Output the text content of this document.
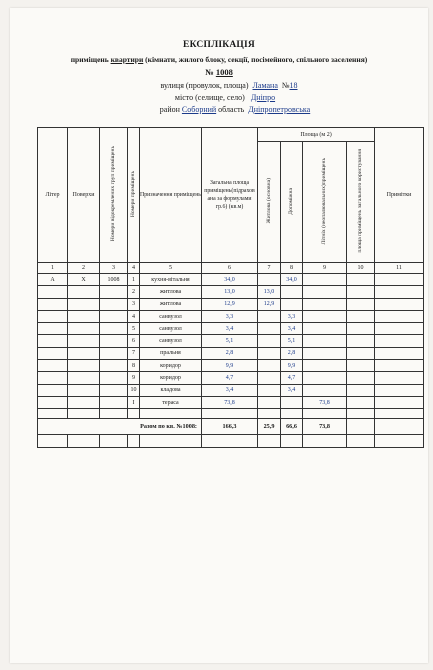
ЕКСПЛІКАЦІЯ
приміщень квартири (кімнати, жилого блоку, секції, посімейного, спільного заселення)
№ 1008
вулиця (провулок, площа) Ламана №18
місто (селище, село) Дніпро
район Соборний область Дніпропетровська
Літер	Поверхи	Номери відокремлених груп приміщень	Номери приміщень	Призначення приміщень	Загальна площа приміщень(підрахов ана за формулами гр.6) (кв.м)	Площа (м 2)				Примітки
						Житлова (основна)	Допоміжна	Літніх (неопалювальних)приміщень	площа приміщень загального користування	
1	2	3	4	5	6	7	8	9	10	11
А	Х	1008	1	кухня-вітальня	34,0		34,0			
			2	житлова	13,0	13,0				
			3	житлова	12,9	12,9				
			4	санвузол	3,3		3,3			
			5	санвузол	3,4		3,4			
			6	санвузол	5,1		5,1			
			7	пральня	2,8		2,8			
			8	коридор	9,9		9,9			
			9	коридор	4,7		4,7			
			10	кладова	3,4		3,4			
			I	тераса	73,8			73,8		

Разом по кв. №1008:					166,3	25,9	66,6	73,8		
